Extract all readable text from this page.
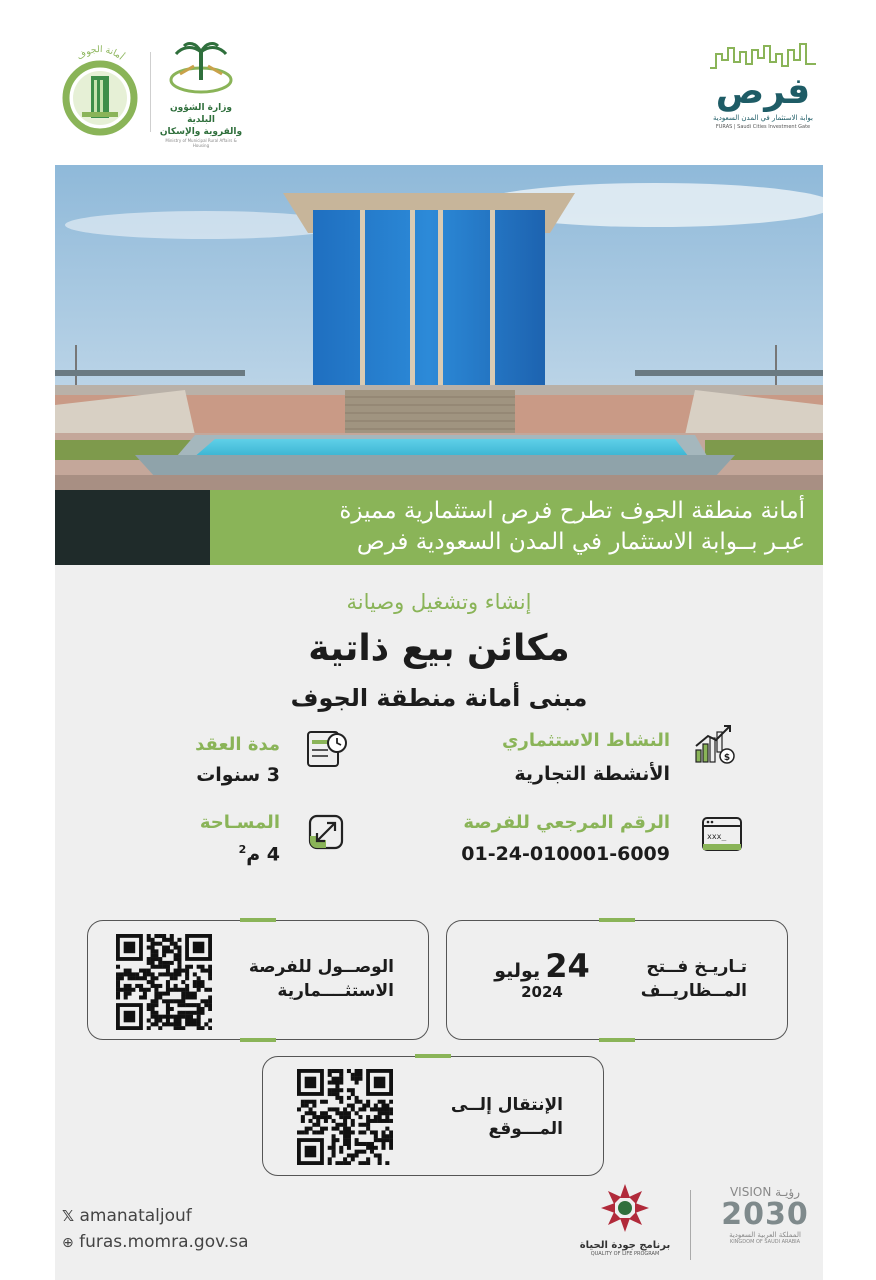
فرص
بوابة الاستثمار في المدن السعودية
FURAS | Saudi Cities Investment Gate
أمانة الجوف
وزارة الشؤون البلدية
والقروية والإسكان
Ministry of Municipal Rural Affairs & Housing

أمانة منطقة الجوف تطرح فرص استثمارية مميزة

عبـر بــوابة الاستثمار في المدن السعودية فرص

إنشاء وتشغيل وصيانة
مكائن بيع ذاتية
مبنى أمانة منطقة الجوف
$
النشاط الاستثماري
الأنشطة التجارية
مدة العقد
3 سنوات
xxx_
الرقم المرجعي للفرصة
01-24-010001-6009
المسـاحة
4 م$^2$
تـاريـخ فــتح
المــظاريــف
24 يوليو
2024
الوصــول للفرصة
الاستثــــمارية
الإنتقال إلــى
المـــوقع
𝕏 amanataljouf
⊕ furas.momra.gov.sa	برنامج جودة الحياة
QUALITY OF LIFE PROGRAM
VISION رؤيـة
2030
المملكة العربية السعودية
KINGDOM OF SAUDI ARABIA
